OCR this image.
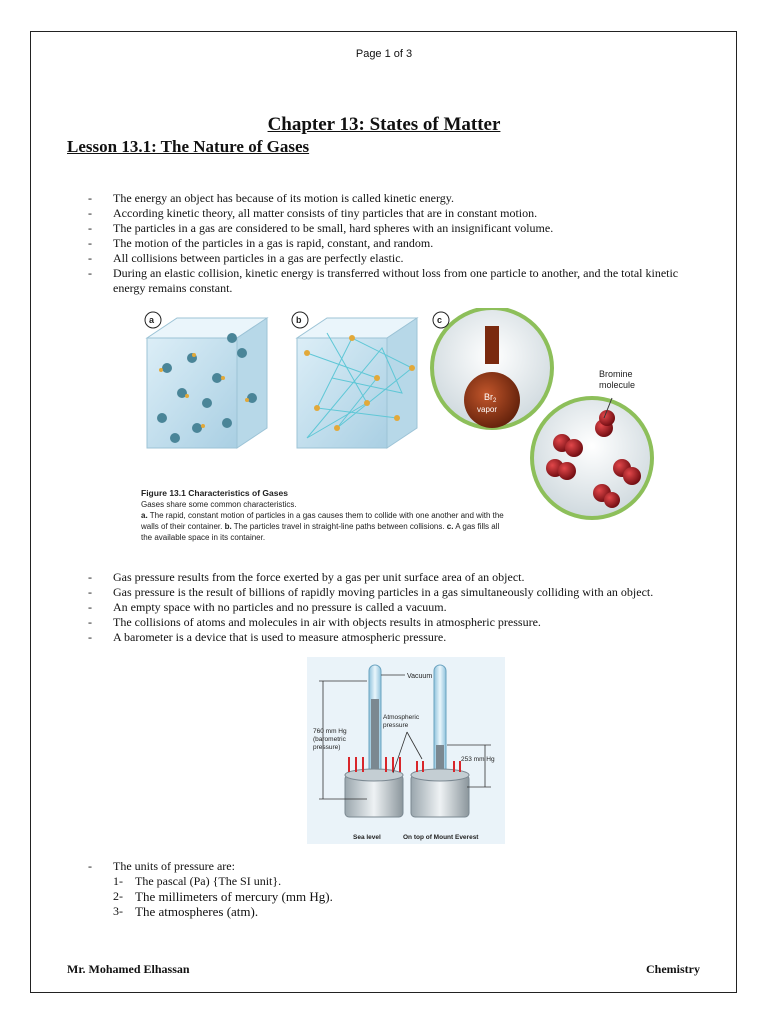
Page 1 of 3
Chapter 13: States of Matter
Lesson 13.1: The Nature of Gases
- The energy an object has because of its motion is called kinetic energy.
- According kinetic theory, all matter consists of tiny particles that are in constant motion.
- The particles in a gas are considered to be small, hard spheres with an insignificant volume.
- The motion of the particles in a gas is rapid, constant, and random.
- All collisions between particles in a gas are perfectly elastic.
- During an elastic collision, kinetic energy is transferred without loss from one particle to another, and the total kinetic energy remains constant.
$Br_2$
vapor
Bromine
molecule
a	b	c
Figure 13.1 Characteristics of Gases
Gases share some common characteristics.
a. The rapid, constant motion of particles in a gas causes them to collide with one another and with the walls of their container. b. The particles travel in straight-line paths between collisions. c. A gas fills all the available space in its container.
- Gas pressure results from the force exerted by a gas per unit surface area of an object.
- Gas pressure is the result of billions of rapidly moving particles in a gas simultaneously colliding with an object.
- An empty space with no particles and no pressure is called a vacuum.
- The collisions of atoms and molecules in air with objects results in atmospheric pressure.
- A barometer is a device that is used to measure atmospheric pressure.
Vacuum
760 mm Hg
(barometric
pressure)
Atmospheric
pressure
253 mm Hg
Sea level	On top of Mount Everest
- The units of pressure are:
1- The pascal (Pa) {The SI unit}.
2- The millimeters of mercury (mm Hg).
3- The atmospheres (atm).
Mr. Mohamed Elhassan	Chemistry
